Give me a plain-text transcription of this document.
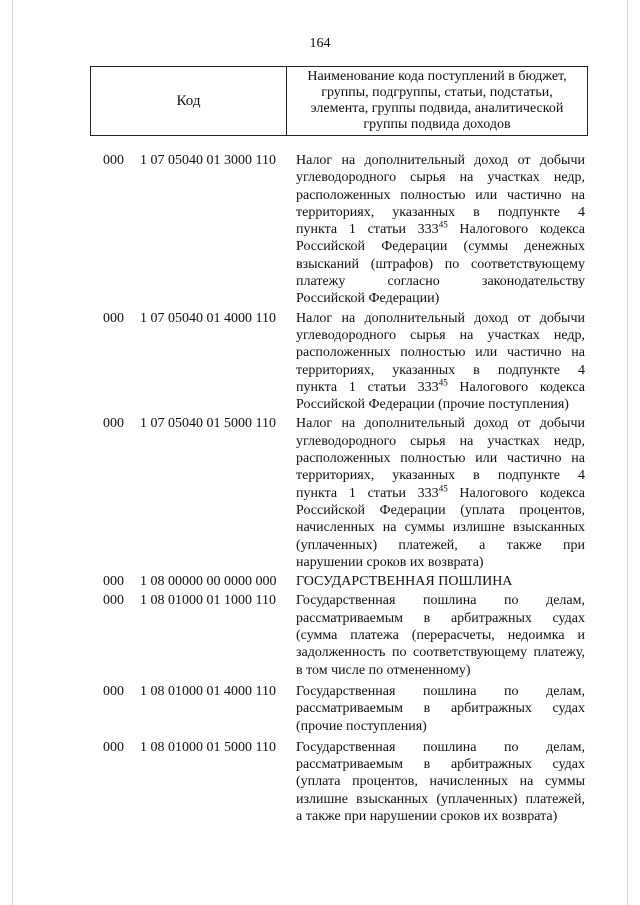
164
Код
Наименование кода поступлений в бюджет, группы, подгруппы, статьи, подстатьи, элемента, группы подвида, аналитической группы подвида доходов
000 1 07 05040 01 3000 110 Налог на дополнительный доход от добычи
углеводородного сырья на участках недр,
расположенных полностью или частично на
территориях, указанных в подпункте 4
пункта 1 статьи $333^{45}$ Налогового кодекса
Российской Федерации (суммы денежных
взысканий (штрафов) по соответствующему
платежу согласно законодательству
Российской Федерации)
000 1 07 05040 01 4000 110 Налог на дополнительный доход от добычи
углеводородного сырья на участках недр,
расположенных полностью или частично на
территориях, указанных в подпункте 4
пункта 1 статьи $333^{45}$ Налогового кодекса
Российской Федерации (прочие поступления)
000 1 07 05040 01 5000 110 Налог на дополнительный доход от добычи
углеводородного сырья на участках недр,
расположенных полностью или частично на
территориях, указанных в подпункте 4
пункта 1 статьи $333^{45}$ Налогового кодекса
Российской Федерации (уплата процентов,
начисленных на суммы излишне взысканных
(уплаченных) платежей, а также при
нарушении сроков их возврата)
000 1 08 00000 00 0000 000 ГОСУДАРСТВЕННАЯ ПОШЛИНА
000 1 08 01000 01 1000 110 Государственная пошлина по делам,
рассматриваемым в арбитражных судах
(сумма платежа (перерасчеты, недоимка и
задолженность по соответствующему платежу,
в том числе по отмененному)
000 1 08 01000 01 4000 110 Государственная пошлина по делам,
рассматриваемым в арбитражных судах
(прочие поступления)
000 1 08 01000 01 5000 110 Государственная пошлина по делам,
рассматриваемым в арбитражных судах
(уплата процентов, начисленных на суммы
излишне взысканных (уплаченных) платежей,
а также при нарушении сроков их возврата)
